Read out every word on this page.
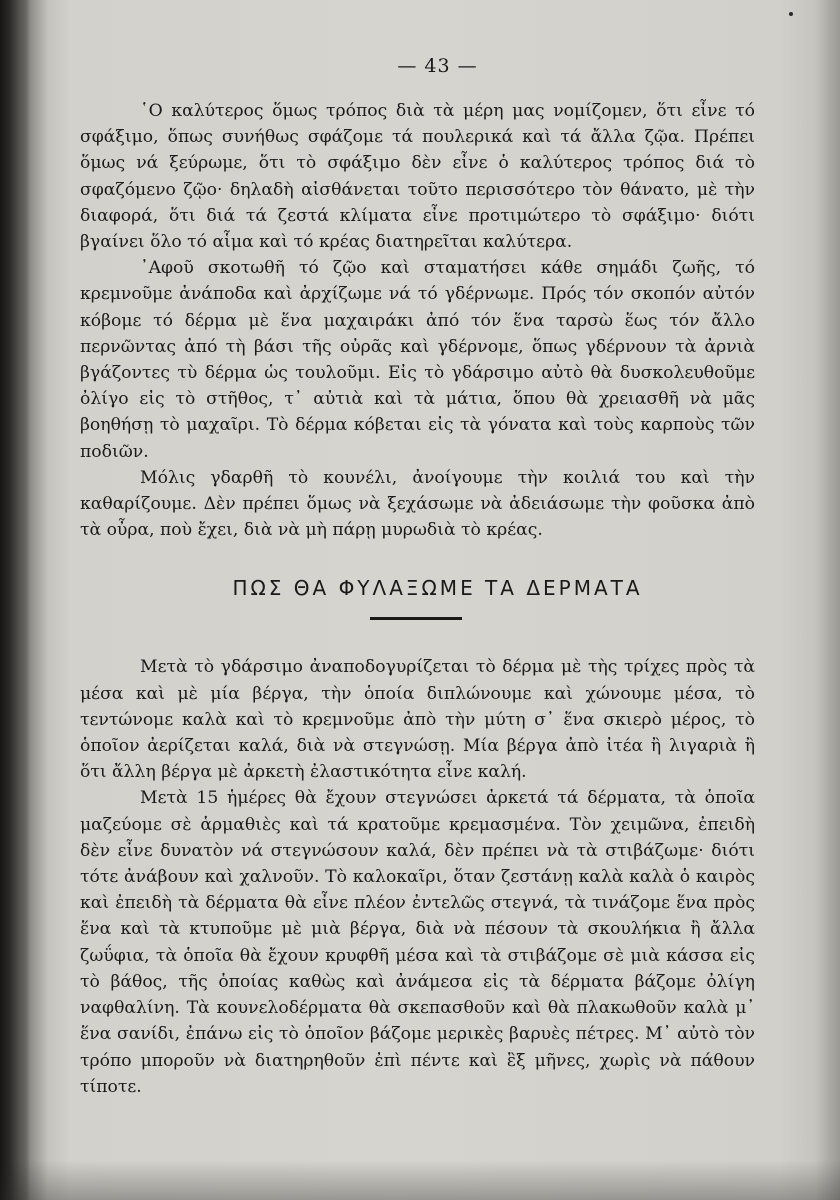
— 43 —

῾Ο καλύτερος ὅμως τρόπος διὰ τὰ μέρη μας νομίζομεν, ὅτι εἶνε τό σφάξιμο, ὅπως συνήθως σφάζομε τά πουλερικά καὶ τά ἄλλα ζῷα. Πρέπει ὅμως νά ξεύρωμε, ὅτι τὸ σφάξιμο δὲν εἶνε ὁ καλύτερος τρόπος διά τὸ σφαζόμενο ζῷο· δηλαδὴ αἰσθάνεται τοῦτο περισσότερο τὸν θάνατο, μὲ τὴν διαφορά, ὅτι διά τά ζεστά κλίματα εἶνε προτιμώτερο τὸ σφάξιμο· διότι βγαίνει ὅλο τό αἷμα καὶ τό κρέας διατηρεῖται καλύτερα.

᾿Αφοῦ σκοτωθῆ τό ζῷο καὶ σταματήσει κάθε σημάδι ζωῆς, τό κρεμνοῦμε ἀνάποδα καὶ ἀρχίζωμε νά τό γδέρνωμε. Πρός τόν σκοπόν αὐτόν κόβομε τό δέρμα μὲ ἕνα μαχαιράκι ἀπό τόν ἕνα ταρσὼ ἕως τόν ἄλλο περνῶντας ἀπό τὴ βάσι τῆς οὐρᾶς καὶ γδέρνομε, ὅπως γδέρνουν τὰ ἀρνιὰ βγάζοντες τὺ δέρμα ὡς τουλοῦμι. Εἰς τὸ γδάρσιμο αὐτὸ θὰ δυσκολευθοῦμε ὀλίγο εἰς τὸ στῆθος, τ᾿ αὐτιὰ καὶ τὰ μάτια, ὅπου θὰ χρειασθῆ νὰ μᾶς βοηθήσῃ τὸ μαχαῖρι. Τὸ δέρμα κόβεται εἰς τὰ γόνατα καὶ τοὺς καρποὺς τῶν ποδιῶν.

Μόλις γδαρθῆ τὸ κουνέλι, ἀνοίγουμε τὴν κοιλιά του καὶ τὴν καθαρίζουμε. Δὲν πρέπει ὅμως νὰ ξεχάσωμε νὰ ἀδειάσωμε τὴν φοῦσκα ἀπὸ τὰ οὖρα, ποὺ ἔχει, διὰ νὰ μὴ πάρῃ μυρωδιὰ τὸ κρέας.

ΠΩΣ ΘΑ ΦΥΛΑΞΩΜΕ ΤΑ ΔΕΡΜΑΤΑ

Μετὰ τὸ γδάρσιμο ἀναποδογυρίζεται τὸ δέρμα μὲ τὴς τρίχες πρὸς τὰ μέσα καὶ μὲ μία βέργα, τὴν ὁποία διπλώνουμε καὶ χώνουμε μέσα, τὸ τεντώνομε καλὰ καὶ τὸ κρεμνοῦμε ἀπὸ τὴν μύτη σ᾿ ἕνα σκιερὸ μέρος, τὸ ὁποῖον ἀερίζεται καλά, διὰ νὰ στεγνώσῃ. Μία βέργα ἀπὸ ἰτέα ἢ λιγαριὰ ἢ ὅτι ἄλλη βέργα μὲ ἀρκετὴ ἐλαστικότητα εἶνε καλή.

Μετὰ 15 ἡμέρες θὰ ἔχουν στεγνώσει ἀρκετά τά δέρματα, τὰ ὁποῖα μαζεύομε σὲ ἁρμαθιὲς καὶ τά κρατοῦμε κρεμασμένα. Τὸν χειμῶνα, ἐπειδὴ δὲν εἶνε δυνατὸν νά στεγνώσουν καλά, δὲν πρέπει νὰ τὰ στιβάζωμε· διότι τότε ἀνάβουν καὶ χαλνοῦν. Τὸ καλοκαῖρι, ὅταν ζεστάνῃ καλὰ καλὰ ὁ καιρὸς καὶ ἐπειδὴ τὰ δέρματα θὰ εἶνε πλέον ἐντελῶς στεγνά, τὰ τινάζομε ἕνα πρὸς ἕνα καὶ τὰ κτυποῦμε μὲ μιὰ βέργα, διὰ νὰ πέσουν τὰ σκουλήκια ἢ ἄλλα ζωΰφια, τὰ ὁποῖα θὰ ἔχουν κρυφθῆ μέσα καὶ τὰ στιβάζομε σὲ μιὰ κάσσα εἰς τὸ βάθος, τῆς ὁποίας καθὼς καὶ ἀνάμεσα εἰς τὰ δέρματα βάζομε ὀλίγη ναφθαλίνη. Τὰ κουνελοδέρματα θὰ σκεπασθοῦν καὶ θὰ πλακωθοῦν καλὰ μ᾿ ἕνα σανίδι, ἐπάνω εἰς τὸ ὁποῖον βάζομε μερικὲς βαρυὲς πέτρες. Μ᾿ αὐτὸ τὸν τρόπο μποροῦν νὰ διατηρηθοῦν ἐπὶ πέντε καὶ ἓξ μῆνες, χωρὶς νὰ πάθουν τίποτε.
